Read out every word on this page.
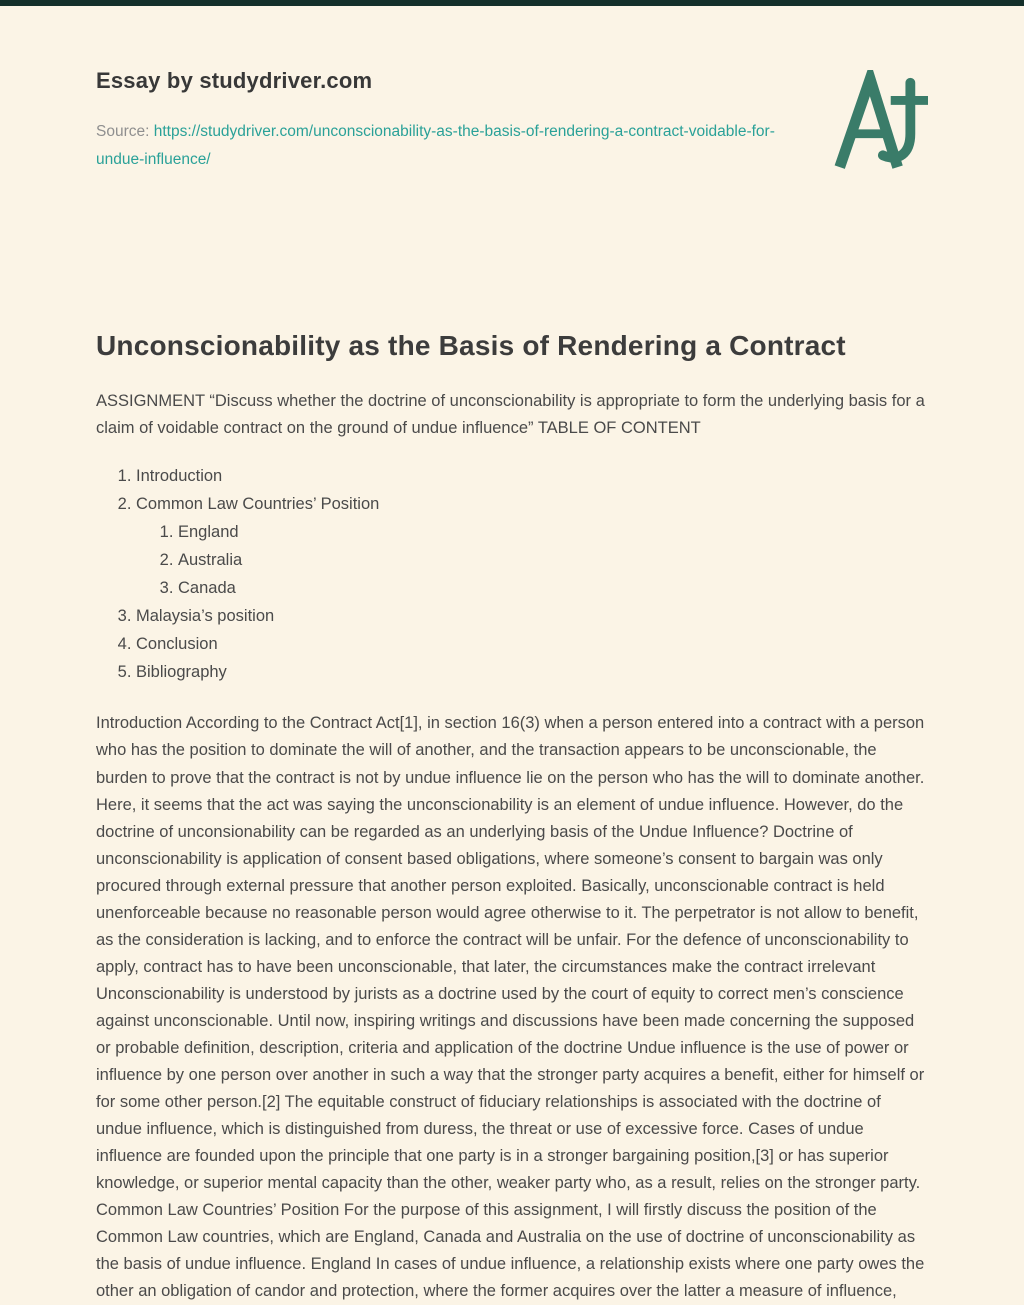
Essay by studydriver.com
Source: https://studydriver.com/unconscionability-as-the-basis-of-rendering-a-contract-voidable-for-undue-influence/
Unconscionability as the Basis of Rendering a Contract

ASSIGNMENT “Discuss whether the doctrine of unconscionability is appropriate to form the underlying basis for a claim of voidable contract on the ground of undue influence” TABLE OF CONTENT

1. Introduction
2. Common Law Countries’ Position
1. England
2. Australia
3. Canada
3. Malaysia’s position
4. Conclusion
5. Bibliography

Introduction According to the Contract Act[1], in section 16(3) when a person entered into a contract with a person who has the position to dominate the will of another, and the transaction appears to be unconscionable, the burden to prove that the contract is not by undue influence lie on the person who has the will to dominate another. Here, it seems that the act was saying the unconscionability is an element of undue influence. However, do the doctrine of unconsionability can be regarded as an underlying basis of the Undue Influence? Doctrine of unconscionability is application of consent based obligations, where someone’s consent to bargain was only procured through external pressure that another person exploited. Basically, unconscionable contract is held unenforceable because no reasonable person would agree otherwise to it. The perpetrator is not allow to benefit, as the consideration is lacking, and to enforce the contract will be unfair. For the defence of unconscionability to apply, contract has to have been unconscionable, that later, the circumstances make the contract irrelevant Unconscionability is understood by jurists as a doctrine used by the court of equity to correct men’s conscience against unconscionable. Until now, inspiring writings and discussions have been made concerning the supposed or probable definition, description, criteria and application of the doctrine Undue influence is the use of power or influence by one person over another in such a way that the stronger party acquires a benefit, either for himself or for some other person.[2] The equitable construct of fiduciary relationships is associated with the doctrine of undue influence, which is distinguished from duress, the threat or use of excessive force. Cases of undue influence are founded upon the principle that one party is in a stronger bargaining position,[3] or has superior knowledge, or superior mental capacity than the other, weaker party who, as a result, relies on the stronger party. Common Law Countries’ Position For the purpose of this assignment, I will firstly discuss the position of the Common Law countries, which are England, Canada and Australia on the use of doctrine of unconscionability as the basis of undue influence. England In cases of undue influence, a relationship exists where one party owes the other an obligation of candor and protection, where the former acquires over the latter a measure of influence,
